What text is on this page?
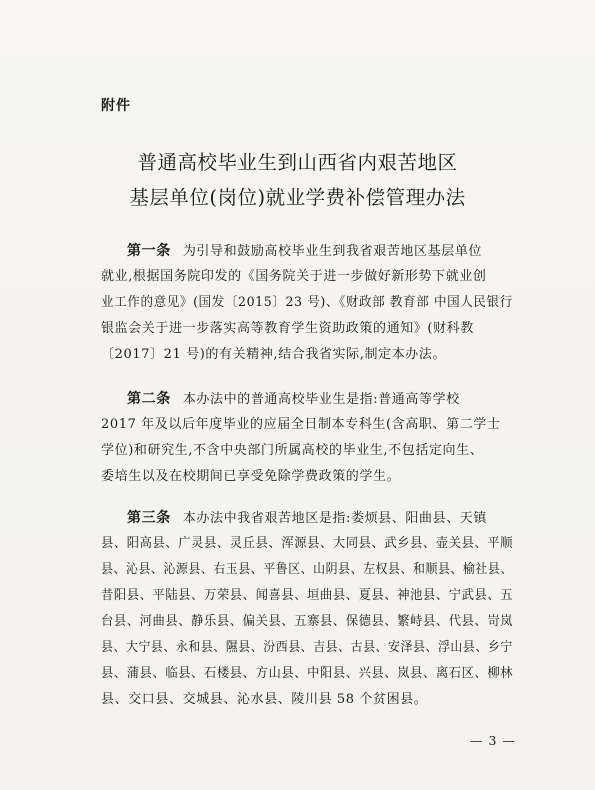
附件
普通高校毕业生到山西省内艰苦地区
基层单位(岗位)就业学费补偿管理办法
第一条 为引导和鼓励高校毕业生到我省艰苦地区基层单位
就业,根据国务院印发的《国务院关于进一步做好新形势下就业创
业工作的意见》(国发〔2015〕23 号)、《财政部 教育部 中国人民银行
银监会关于进一步落实高等教育学生资助政策的通知》(财科教
〔2017〕21 号)的有关精神,结合我省实际,制定本办法。
第二条 本办法中的普通高校毕业生是指:普通高等学校
2017 年及以后年度毕业的应届全日制本专科生(含高职、第二学士
学位)和研究生,不含中央部门所属高校的毕业生,不包括定向生、
委培生以及在校期间已享受免除学费政策的学生。
第三条 本办法中我省艰苦地区是指:娄烦县、阳曲县、天镇
县、阳高县、广灵县、灵丘县、浑源县、大同县、武乡县、壶关县、平顺
县、沁县、沁源县、右玉县、平鲁区、山阴县、左权县、和顺县、榆社县、
昔阳县、平陆县、万荣县、闻喜县、垣曲县、夏县、神池县、宁武县、五
台县、河曲县、静乐县、偏关县、五寨县、保德县、繁峙县、代县、岢岚
县、大宁县、永和县、隰县、汾西县、吉县、古县、安泽县、浮山县、乡宁
县、蒲县、临县、石楼县、方山县、中阳县、兴县、岚县、离石区、柳林
县、交口县、交城县、沁水县、陵川县 58 个贫困县。
— 3 —
